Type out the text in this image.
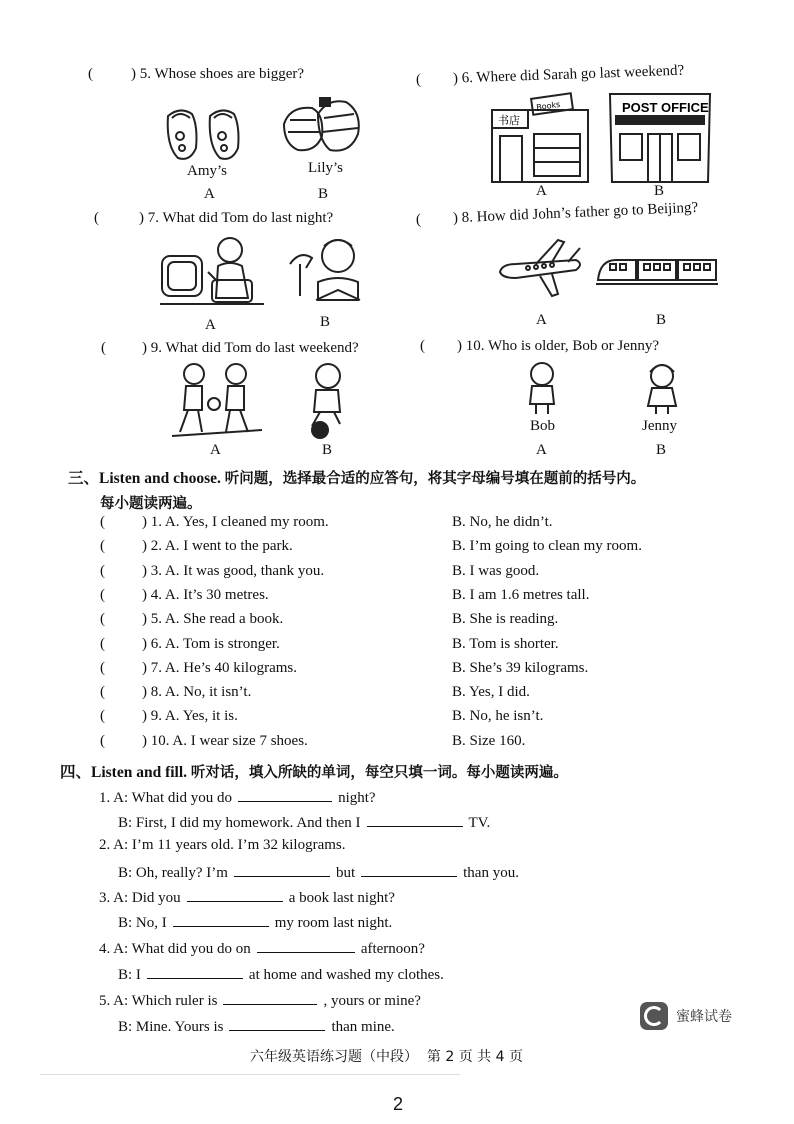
(	) 5. Whose shoes are bigger?
Amy’s
A
Lily’s
B
( ) 6. Where did Sarah go last weekend?
书店
Books
A
POST OFFICE
B
(	) 7. What did Tom do last night?
A	B
( ) 8. How did John’s father go to Beijing?
A	B
( ) 9. What did Tom do last weekend?
A	B
( ) 10. Who is older, Bob or Jenny?
Bob
A
Jenny
B
三、Listen and choose. 听问题，选择最合适的应答句，将其字母编号填在题前的括号内。
每小题读两遍。
( ) 1. A. Yes, I cleaned my room.	B. No, he didn’t.
( ) 2. A. I went to the park.	B. I’m going to clean my room.
( ) 3. A. It was good, thank you.	B. I was good.
( ) 4. A. It’s 30 metres.	B. I am 1.6 metres tall.
( ) 5. A. She read a book.	B. She is reading.
( ) 6. A. Tom is stronger.	B. Tom is shorter.
( ) 7. A. He’s 40 kilograms.	B. She’s 39 kilograms.
( ) 8. A. No, it isn’t.	B. Yes, I did.
( ) 9. A. Yes, it is.	B. No, he isn’t.
( ) 10. A. I wear size 7 shoes.	B. Size 160.
四、Listen and fill. 听对话，填入所缺的单词，每空只填一词。每小题读两遍。
1. A: What did you do	night?
B: First, I did my homework. And then I	TV.
2. A: I’m 11 years old. I’m 32 kilograms.
B: Oh, really? I’m	but	than you.
3. A: Did you	a book last night?
B: No, I	my room last night.
4. A: What did you do on	afternoon?
B: I	at home and washed my clothes.
5. A: Which ruler is	, yours or mine?
B: Mine. Yours is	than mine.
蜜蜂试卷
六年级英语练习题（中段）  第 2 页 共 4 页
2
